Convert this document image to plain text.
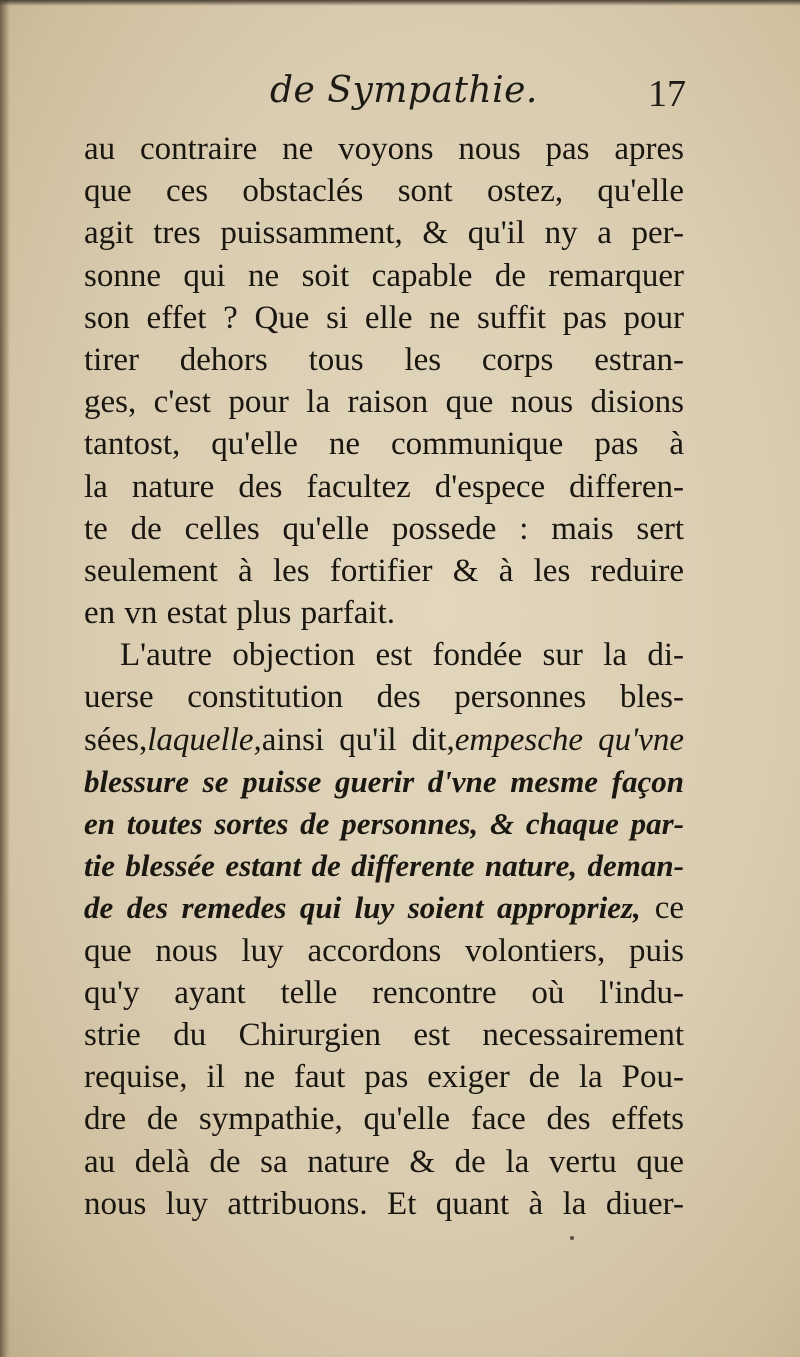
de Sympathie.	17
au contraire ne voyons nous pas apres
que ces obstaclés sont ostez, qu'elle
agit tres puissamment, & qu'il ny a per-
sonne qui ne soit capable de remarquer
son effet ? Que si elle ne suffit pas pour
tirer dehors tous les corps estran-
ges, c'est pour la raison que nous disions
tantost, qu'elle ne communique pas à
la nature des facultez d'espece differen-
te de celles qu'elle possede : mais sert
seulement à les fortifier & à les reduire
en vn estat plus parfait.
L'autre objection est fondée sur la di-
uerse constitution des personnes bles-
sées,laquelle,ainsi qu'il dit,empesche qu'vne
blessure se puisse guerir d'vne mesme façon
en toutes sortes de personnes, & chaque par-
tie blessée estant de differente nature, deman-
de des remedes qui luy soient appropriez, ce
que nous luy accordons volontiers, puis
qu'y ayant telle rencontre où l'indu-
strie du Chirurgien est necessairement
requise, il ne faut pas exiger de la Pou-
dre de sympathie, qu'elle face des effets
au delà de sa nature & de la vertu que
nous luy attribuons. Et quant à la diuer-
